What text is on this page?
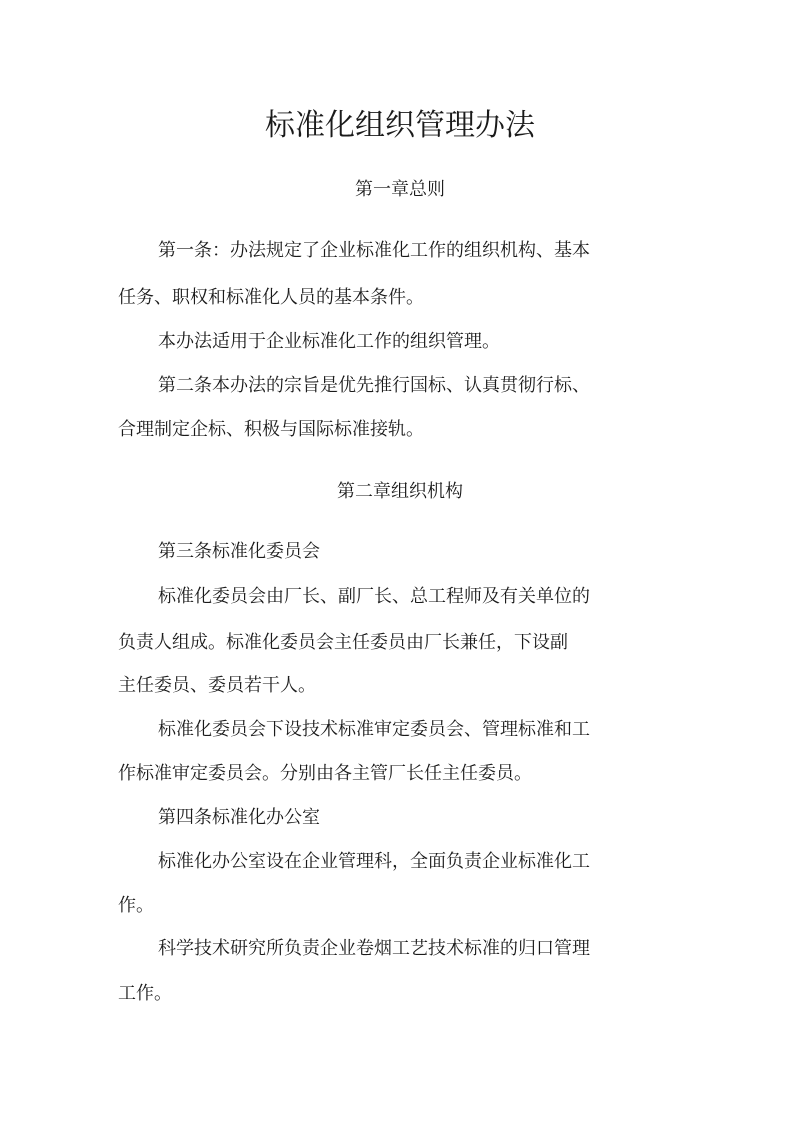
标准化组织管理办法
第一章总则

第一条：办法规定了企业标准化工作的组织机构、基本

任务、职权和标准化人员的基本条件。

本办法适用于企业标准化工作的组织管理。

第二条本办法的宗旨是优先推行国标、认真贯彻行标、

合理制定企标、积极与国际标准接轨。

第二章组织机构

第三条标准化委员会

标准化委员会由厂长、副厂长、总工程师及有关单位的

负责人组成。标准化委员会主任委员由厂长兼任，下设副

主任委员、委员若干人。

标准化委员会下设技术标准审定委员会、管理标准和工

作标准审定委员会。分别由各主管厂长任主任委员。

第四条标准化办公室

标准化办公室设在企业管理科，全面负责企业标准化工

作。

科学技术研究所负责企业卷烟工艺技术标准的归口管理

工作。
